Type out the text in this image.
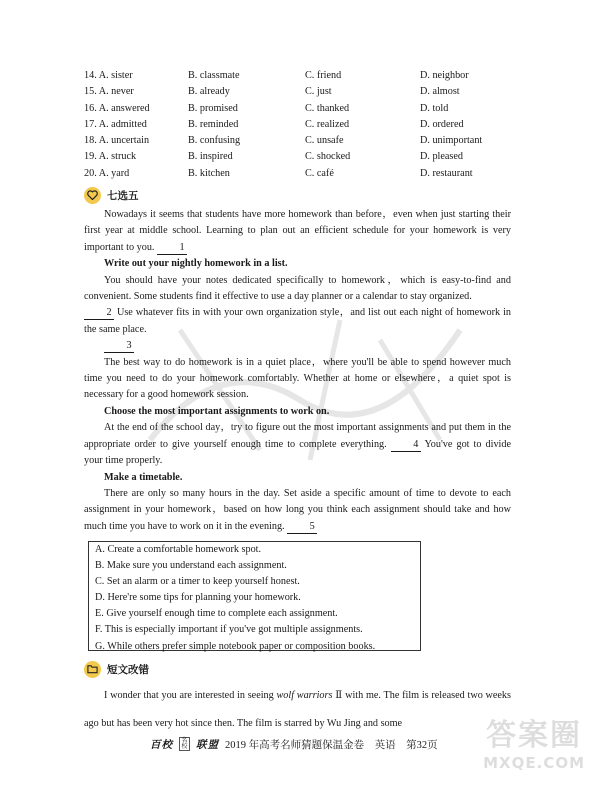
14. A. sister	B. classmate	C. friend	D. neighbor
15. A. never	B. already	C. just	D. almost
16. A. answered	B. promised	C. thanked	D. told
17. A. admitted	B. reminded	C. realized	D. ordered
18. A. uncertain	B. confusing	C. unsafe	D. unimportant
19. A. struck	B. inspired	C. shocked	D. pleased
20. A. yard	B. kitchen	C. café	D. restaurant
七选五

Nowadays it seems that students have more homework than before，even when just starting their first year at middle school. Learning to plan out an efficient schedule for your homework is very important to you. 1

Write out your nightly homework in a list.

You should have your notes dedicated specifically to homework，which is easy-to-find and convenient. Some students find it effective to use a day planner or a calendar to stay organized.
2 Use whatever fits in with your own organization style，and list out each night of homework in the same place.

3

The best way to do homework is in a quiet place，where you'll be able to spend however much time you need to do your homework comfortably. Whether at home or elsewhere，a quiet spot is necessary for a good homework session.

Choose the most important assignments to work on.

At the end of the school day，try to figure out the most important assignments and put them in the appropriate order to give yourself enough time to complete everything.	4 You've got to divide your time properly.

Make a timetable.

There are only so many hours in the day. Set aside a specific amount of time to devote to each assignment in your homework，based on how long you think each assignment should take and how much time you have to work on it in the evening. 5

A. Create a comfortable homework spot.
B. Make sure you understand each assignment.
C. Set an alarm or a timer to keep yourself honest.
D. Here're some tips for planning your homework.
E. Give yourself enough time to complete each assignment.
F. This is especially important if you've got multiple assignments.
G. While others prefer simple notebook paper or composition books.
短文改错

I wonder that you are interested in seeing wolf warriors Ⅱ with me. The film is released two weeks ago but has been very hot since then. The film is starred by Wu Jing and some

百校	名校 联盟 2019 年高考名师猜题保温金卷　英语　第32页 答案圈
MXQE.COM
